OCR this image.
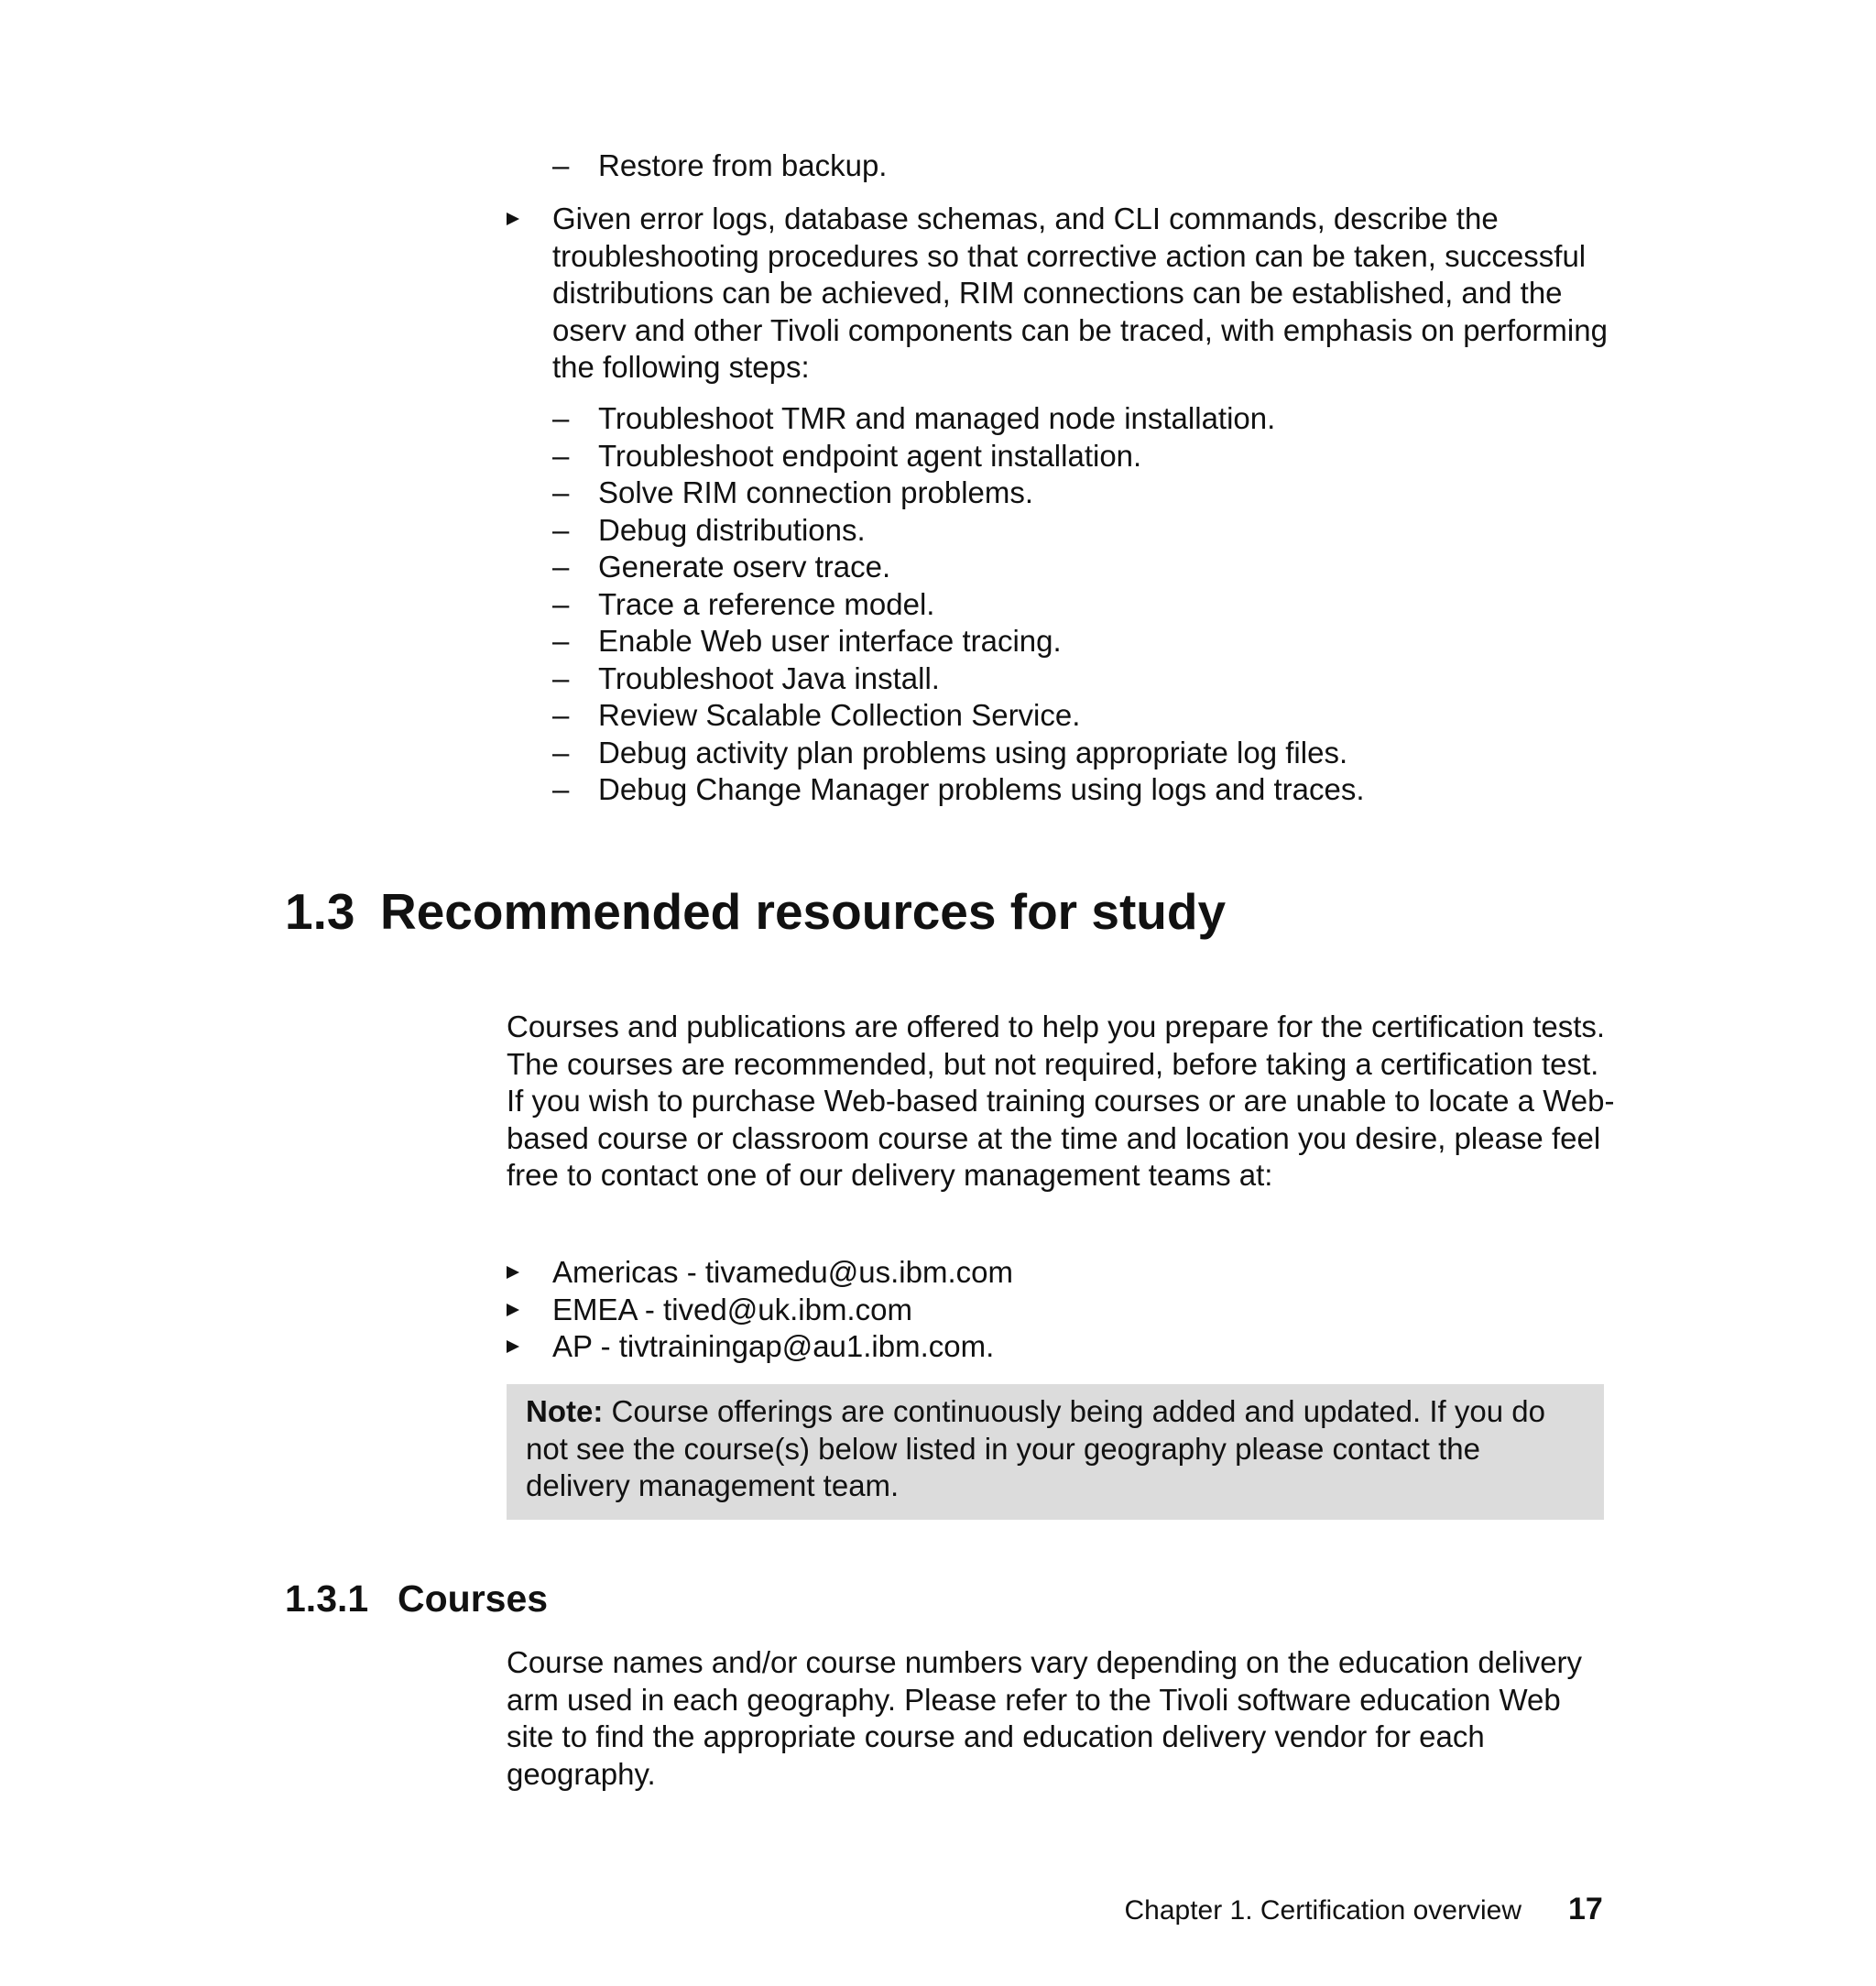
– Restore from backup.
Given error logs, database schemas, and CLI commands, describe the troubleshooting procedures so that corrective action can be taken, successful distributions can be achieved, RIM connections can be established, and the oserv and other Tivoli components can be traced, with emphasis on performing the following steps:
– Troubleshoot TMR and managed node installation.
– Troubleshoot endpoint agent installation.
– Solve RIM connection problems.
– Debug distributions.
– Generate oserv trace.
– Trace a reference model.
– Enable Web user interface tracing.
– Troubleshoot Java install.
– Review Scalable Collection Service.
– Debug activity plan problems using appropriate log files.
– Debug Change Manager problems using logs and traces.
1.3 Recommended resources for study

Courses and publications are offered to help you prepare for the certification tests. The courses are recommended, but not required, before taking a certification test. If you wish to purchase Web-based training courses or are unable to locate a Web-based course or classroom course at the time and location you desire, please feel free to contact one of our delivery management teams at:

Americas - tivamedu@us.ibm.com
EMEA - tived@uk.ibm.com
AP - tivtrainingap@au1.ibm.com.
Note: Course offerings are continuously being added and updated. If you do not see the course(s) below listed in your geography please contact the delivery management team.
1.3.1 Courses

Course names and/or course numbers vary depending on the education delivery arm used in each geography. Please refer to the Tivoli software education Web site to find the appropriate course and education delivery vendor for each geography.

Chapter 1. Certification overview 17
